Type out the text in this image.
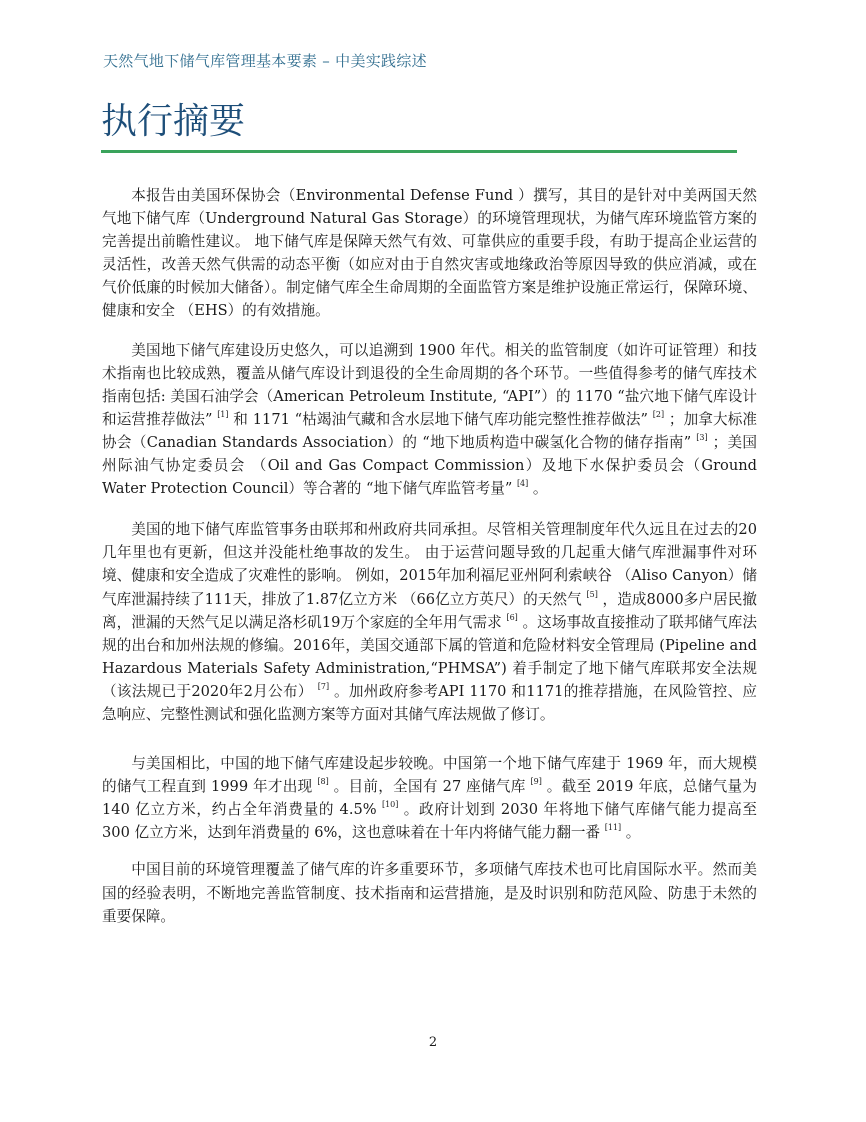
天然气地下储气库管理基本要素 – 中美实践综述
执行摘要

本报告由美国环保协会（Environmental Defense Fund ）撰写，其目的是针对中美两国天然气地下储气库（Underground Natural Gas Storage）的环境管理现状，为储气库环境监管方案的完善提出前瞻性建议。 地下储气库是保障天然气有效、可靠供应的重要手段，有助于提高企业运营的灵活性，改善天然气供需的动态平衡（如应对由于自然灾害或地缘政治等原因导致的供应消减，或在气价低廉的时候加大储备）。制定储气库全生命周期的全面监管方案是维护设施正常运行，保障环境、健康和安全 （EHS）的有效措施。

美国地下储气库建设历史悠久，可以追溯到 1900 年代。相关的监管制度（如许可证管理）和技术指南也比较成熟，覆盖从储气库设计到退役的全生命周期的各个环节。一些值得参考的储气库技术指南包括: 美国石油学会（American Petroleum Institute, “API”）的 1170 “盐穴地下储气库设计和运营推荐做法” [1] 和 1171 “枯竭油气藏和含水层地下储气库功能完整性推荐做法” [2] ；加拿大标准协会（Canadian Standards Association）的 “地下地质构造中碳氢化合物的储存指南” [3] ；美国州际油气协定委员会 （Oil and Gas Compact Commission）及地下水保护委员会（Ground Water Protection Council）等合著的 “地下储气库监管考量” [4] 。

美国的地下储气库监管事务由联邦和州政府共同承担。尽管相关管理制度年代久远且在过去的20几年里也有更新，但这并没能杜绝事故的发生。 由于运营问题导致的几起重大储气库泄漏事件对环境、健康和安全造成了灾难性的影响。 例如，2015年加利福尼亚州阿利索峡谷 （Aliso Canyon）储气库泄漏持续了111天，排放了1.87亿立方米 （66亿立方英尺）的天然气 [5] ，造成8000多户居民撤离，泄漏的天然气足以满足洛杉矶19万个家庭的全年用气需求 [6] 。这场事故直接推动了联邦储气库法规的出台和加州法规的修编。2016年，美国交通部下属的管道和危险材料安全管理局 (Pipeline and Hazardous Materials Safety Administration,“PHMSA”) 着手制定了地下储气库联邦安全法规（该法规已于2020年2月公布） [7] 。加州政府参考API 1170 和1171的推荐措施，在风险管控、应急响应、完整性测试和强化监测方案等方面对其储气库法规做了修订。

与美国相比，中国的地下储气库建设起步较晚。中国第一个地下储气库建于 1969 年，而大规模的储气工程直到 1999 年才出现 [8] 。目前，全国有 27 座储气库 [9] 。截至 2019 年底，总储气量为 140 亿立方米，约占全年消费量的 4.5% [10] 。政府计划到 2030 年将地下储气库储气能力提高至 300 亿立方米，达到年消费量的 6%，这也意味着在十年内将储气能力翻一番 [11] 。

中国目前的环境管理覆盖了储气库的许多重要环节，多项储气库技术也可比肩国际水平。然而美国的经验表明，不断地完善监管制度、技术指南和运营措施，是及时识别和防范风险、防患于未然的重要保障。

2
